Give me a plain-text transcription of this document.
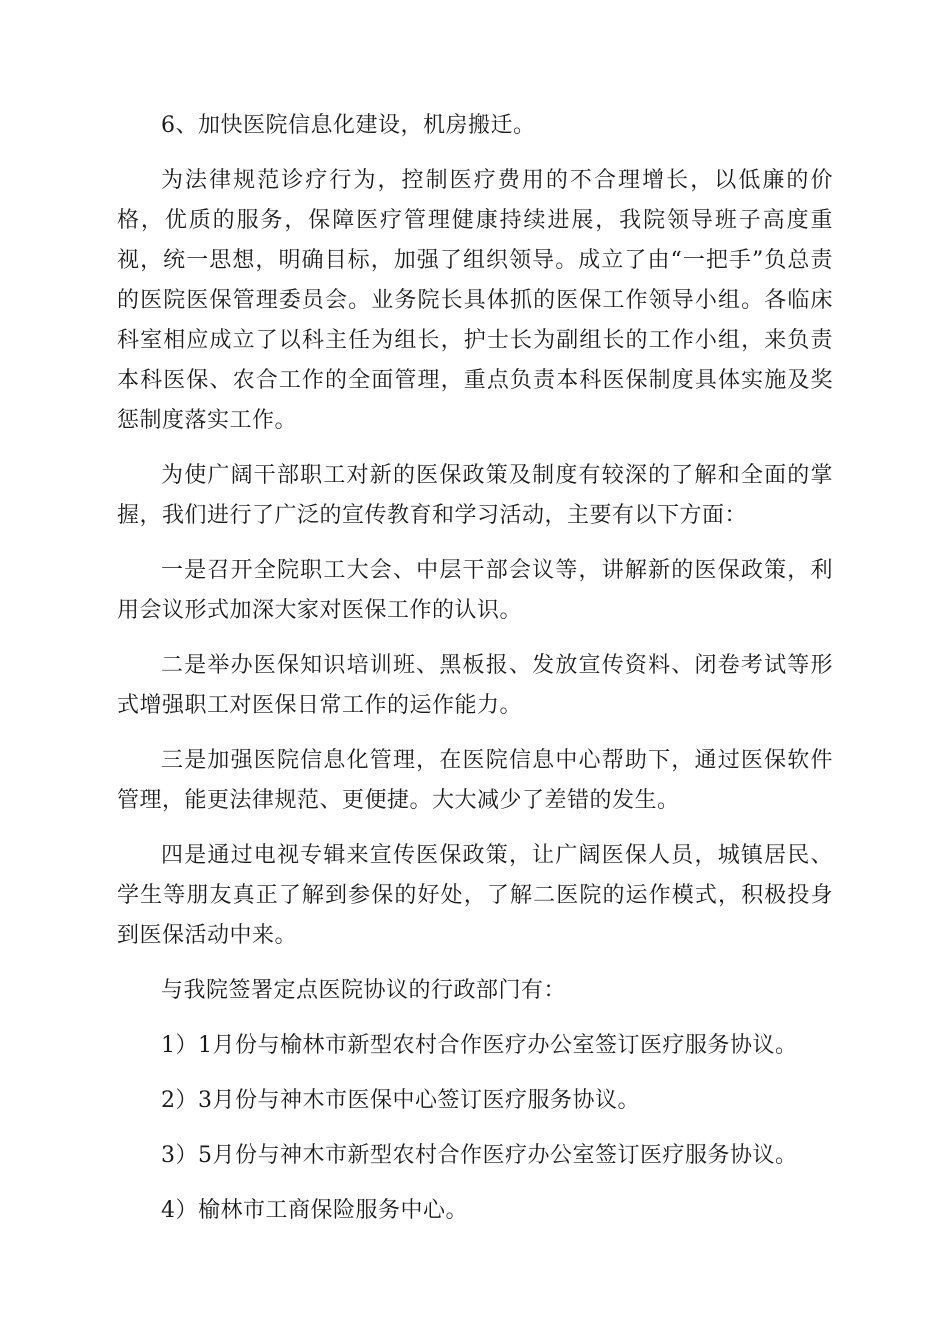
6、加快医院信息化建设，机房搬迁。

为法律规范诊疗行为，控制医疗费用的不合理增长，以低廉的价格，优质的服务，保障医疗管理健康持续进展，我院领导班子高度重视，统一思想，明确目标，加强了组织领导。成立了由“一把手”负总责的医院医保管理委员会。业务院长具体抓的医保工作领导小组。各临床科室相应成立了以科主任为组长，护士长为副组长的工作小组，来负责本科医保、农合工作的全面管理，重点负责本科医保制度具体实施及奖惩制度落实工作。

为使广阔干部职工对新的医保政策及制度有较深的了解和全面的掌握，我们进行了广泛的宣传教育和学习活动，主要有以下方面：

一是召开全院职工大会、中层干部会议等，讲解新的医保政策，利用会议形式加深大家对医保工作的认识。

二是举办医保知识培训班、黑板报、发放宣传资料、闭卷考试等形式增强职工对医保日常工作的运作能力。

三是加强医院信息化管理，在医院信息中心帮助下，通过医保软件管理，能更法律规范、更便捷。大大减少了差错的发生。

四是通过电视专辑来宣传医保政策，让广阔医保人员，城镇居民、学生等朋友真正了解到参保的好处，了解二医院的运作模式，积极投身到医保活动中来。

与我院签署定点医院协议的行政部门有：

1）1月份与榆林市新型农村合作医疗办公室签订医疗服务协议。

2）3月份与神木市医保中心签订医疗服务协议。

3）5月份与神木市新型农村合作医疗办公室签订医疗服务协议。

4）榆林市工商保险服务中心。
